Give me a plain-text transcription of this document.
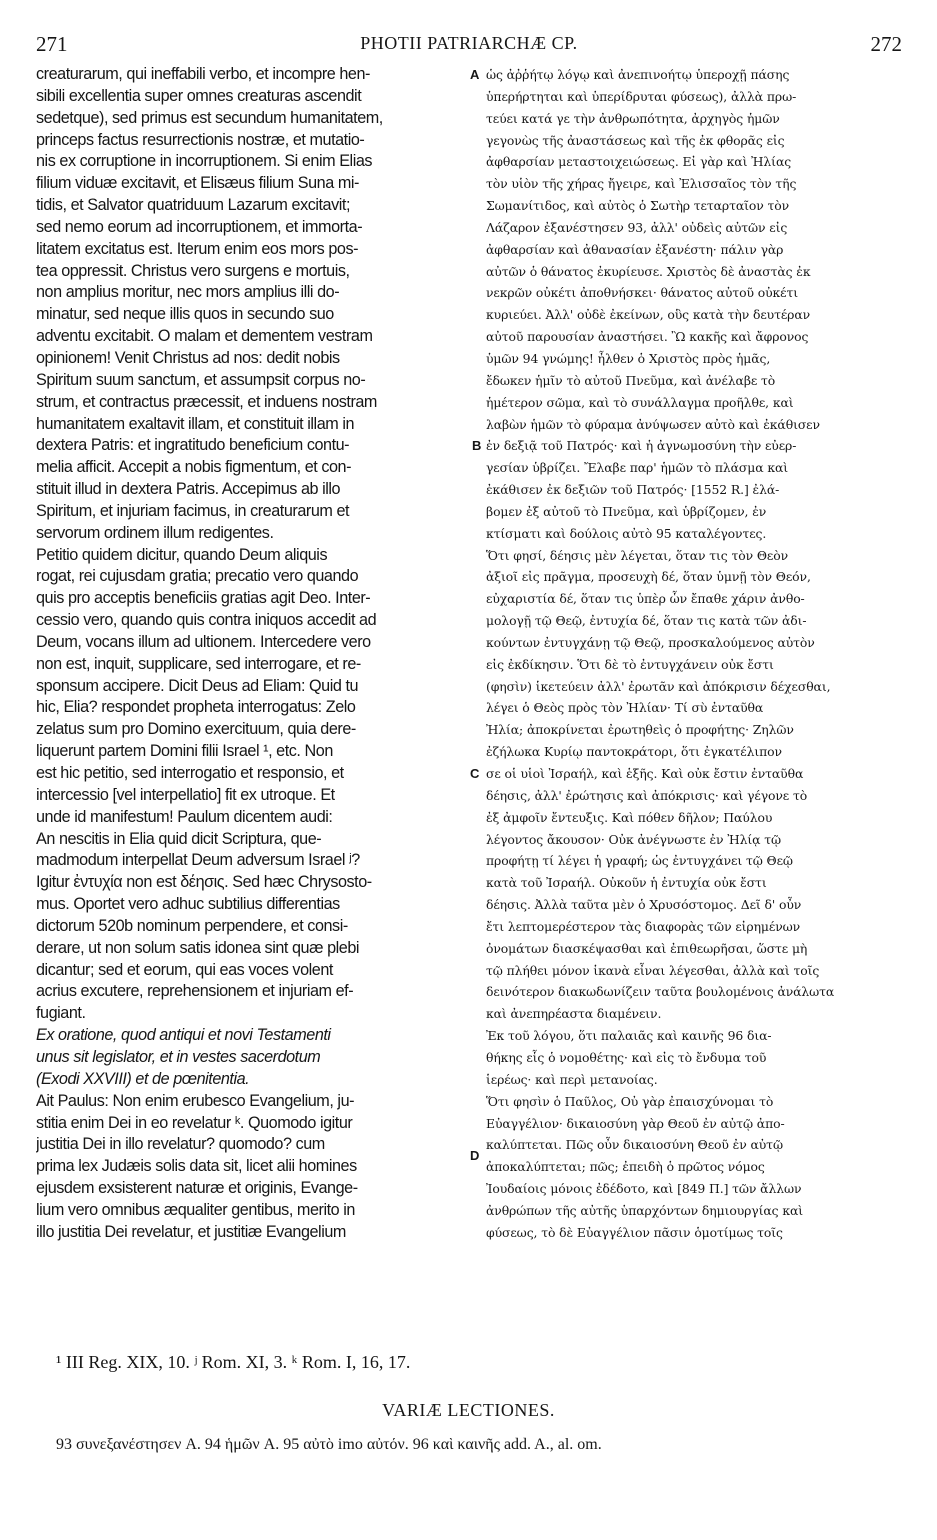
271	PHOTII PATRIARCHÆ CP.	272
creaturarum, qui ineffabili verbo, et incompre hen-
sibili excellentia super omnes creaturas ascendit
sedetque), sed primus est secundum humanitatem,
princeps factus resurrectionis nostræ, et mutatio-
nis ex corruptione in incorruptionem. Si enim Elias
filium viduæ excitavit, et Elisæus filium Suna mi-
tidis, et Salvator quatriduum Lazarum excitavit;
sed nemo eorum ad incorruptionem, et immorta-
litatem excitatus est. Iterum enim eos mors pos-
tea oppressit. Christus vero surgens e mortuis,
non amplius moritur, nec mors amplius illi do-
minatur, sed neque illis quos in secundo suo
adventu excitabit. O malam et dementem vestram
opinionem! Venit Christus ad nos: dedit nobis
Spiritum suum sanctum, et assumpsit corpus no-
strum, et contractus præcessit, et induens nostram
humanitatem exaltavit illam, et constituit illam in
dextera Patris: et ingratitudo beneficium contu-
melia afficit. Accepit a nobis figmentum, et con-
stituit illud in dextera Patris. Accepimus ab illo
Spiritum, et injuriam facimus, in creaturarum et
servorum ordinem illum redigentes.
Petitio quidem dicitur, quando Deum aliquis
rogat, rei cujusdam gratia; precatio vero quando
quis pro acceptis beneficiis gratias agit Deo. Inter-
cessio vero, quando quis contra iniquos accedit ad
Deum, vocans illum ad ultionem. Intercedere vero
non est, inquit, supplicare, sed interrogare, et re-
sponsum accipere. Dicit Deus ad Eliam: Quid tu
hic, Elia? respondet propheta interrogatus: Zelo
zelatus sum pro Domino exercituum, quia dere-
liquerunt partem Domini filii Israel ¹, etc. Non
est hic petitio, sed interrogatio et responsio, et
intercessio [vel interpellatio] fit ex utroque. Et
unde id manifestum! Paulum dicentem audi:
An nescitis in Elia quid dicit Scriptura, que-
madmodum interpellat Deum adversum Israel ʲ?
Igitur ἐντυχία non est δέησις. Sed hæc Chrysosto-
mus. Oportet vero adhuc subtilius differentias
dictorum 520b nominum perpendere, et consi-
derare, ut non solum satis idonea sint quæ plebi
dicantur; sed et eorum, qui eas voces volent
acrius excutere, reprehensionem et injuriam ef-
fugiant.
Ex oratione, quod antiqui et novi Testamenti
unus sit legislator, et in vestes sacerdotum
(Exodi XXVIII) et de pœnitentia.
Ait Paulus: Non enim erubesco Evangelium, ju-
stitia enim Dei in eo revelatur ᵏ. Quomodo igitur
justitia Dei in illo revelatur? quomodo? cum
prima lex Judæis solis data sit, licet alii homines
ejusdem exsisterent naturæ et originis, Evange-
lium vero omnibus æqualiter gentibus, merito in
illo justitia Dei revelatur, et justitiæ Evangelium
ὡς ἀῤῥήτῳ λόγῳ καὶ ἀνεπινοήτῳ ὑπεροχῇ πάσης
ὑπερήρτηται καὶ ὑπερίδρυται φύσεως), ἀλλὰ πρω-
τεύει κατά γε τὴν ἀνθρωπότητα, ἀρχηγὸς ἡμῶν
γεγονὼς τῆς ἀναστάσεως καὶ τῆς ἐκ φθορᾶς εἰς
ἀφθαρσίαν μεταστοιχειώσεως. Εἰ γὰρ καὶ Ἠλίας
τὸν υἱὸν τῆς χήρας ἤγειρε, καὶ Ἐλισσαῖος τὸν τῆς
Σωμανίτιδος, καὶ αὐτὸς ὁ Σωτὴρ τεταρταῖον τὸν
Λάζαρον ἐξανέστησεν 93, ἀλλ' οὐδεὶς αὐτῶν εἰς
ἀφθαρσίαν καὶ ἀθανασίαν ἐξανέστη· πάλιν γὰρ
αὐτῶν ὁ θάνατος ἐκυρίευσε. Χριστὸς δὲ ἀναστὰς ἐκ
νεκρῶν οὐκέτι ἀποθνήσκει· θάνατος αὐτοῦ οὐκέτι
κυριεύει. Ἀλλ' οὐδὲ ἐκείνων, οὓς κατὰ τὴν δευτέραν
αὐτοῦ παρουσίαν ἀναστήσει. Ὢ κακῆς καὶ ἄφρονος
ὑμῶν 94 γνώμης! ἦλθεν ὁ Χριστὸς πρὸς ἡμᾶς,
ἔδωκεν ἡμῖν τὸ αὐτοῦ Πνεῦμα, καὶ ἀνέλαβε τὸ
ἡμέτερον σῶμα, καὶ τὸ συνάλλαγμα προῆλθε, καὶ
λαβὼν ἡμῶν τὸ φύραμα ἀνύψωσεν αὐτὸ καὶ ἐκάθισεν
ἐν δεξιᾷ τοῦ Πατρός· καὶ ἡ ἀγνωμοσύνη τὴν εὐερ-
γεσίαν ὑβρίζει. Ἔλαβε παρ' ἡμῶν τὸ πλάσμα καὶ
ἐκάθισεν ἐκ δεξιῶν τοῦ Πατρός· [1552 R.] ἐλά-
βομεν ἐξ αὐτοῦ τὸ Πνεῦμα, καὶ ὑβρίζομεν, ἐν
κτίσματι καὶ δούλοις αὐτὸ 95 καταλέγοντες.
Ὅτι φησί, δέησις μὲν λέγεται, ὅταν τις τὸν Θεὸν
ἀξιοῖ εἰς πρᾶγμα, προσευχὴ δέ, ὅταν ὑμνῇ τὸν Θεόν,
εὐχαριστία δέ, ὅταν τις ὑπὲρ ὧν ἔπαθε χάριν ἀνθο-
μολογῇ τῷ Θεῷ, ἐντυχία δέ, ὅταν τις κατὰ τῶν ἀδι-
κούντων ἐντυγχάνῃ τῷ Θεῷ, προσκαλούμενος αὐτὸν
εἰς ἐκδίκησιν. Ὅτι δὲ τὸ ἐντυγχάνειν οὐκ ἔστι
(φησὶν) ἱκετεύειν ἀλλ' ἐρωτᾶν καὶ ἀπόκρισιν δέχεσθαι,
λέγει ὁ Θεὸς πρὸς τὸν Ἠλίαν· Τί σὺ ἐνταῦθα
Ἠλία; ἀποκρίνεται ἐρωτηθεὶς ὁ προφήτης· Ζηλῶν
ἐζήλωκα Κυρίῳ παντοκράτορι, ὅτι ἐγκατέλιπον
σε οἱ υἱοὶ Ἰσραήλ, καὶ ἑξῆς. Καὶ οὐκ ἔστιν ἐνταῦθα
δέησις, ἀλλ' ἐρώτησις καὶ ἀπόκρισις· καὶ γέγονε τὸ
ἐξ ἀμφοῖν ἔντευξις. Καὶ πόθεν δῆλον; Παύλου
λέγοντος ἄκουσον· Οὐκ ἀνέγνωστε ἐν Ἠλίᾳ τῷ
προφήτῃ τί λέγει ἡ γραφή; ὡς ἐντυγχάνει τῷ Θεῷ
κατὰ τοῦ Ἰσραήλ. Οὐκοῦν ἡ ἐντυχία οὐκ ἔστι
δέησις. Ἀλλὰ ταῦτα μὲν ὁ Χρυσόστομος. Δεῖ δ' οὖν
ἔτι λεπτομερέστερον τὰς διαφορὰς τῶν εἰρημένων
ὀνομάτων διασκέψασθαι καὶ ἐπιθεωρῆσαι, ὥστε μὴ
τῷ πλήθει μόνον ἱκανὰ εἶναι λέγεσθαι, ἀλλὰ καὶ τοῖς
δεινότερον διακωδωνίζειν ταῦτα βουλομένοις ἀνάλωτα
καὶ ἀνεπηρέαστα διαμένειν.
Ἐκ τοῦ λόγου, ὅτι παλαιᾶς καὶ καινῆς 96 δια-
θήκης εἷς ὁ νομοθέτης· καὶ εἰς τὸ ἔνδυμα τοῦ
ἱερέως· καὶ περὶ μετανοίας.
Ὅτι φησὶν ὁ Παῦλος, Οὐ γὰρ ἐπαισχύνομαι τὸ
Εὐαγγέλιον· δικαιοσύνη γὰρ Θεοῦ ἐν αὐτῷ ἀπο-
καλύπτεται. Πῶς οὖν δικαιοσύνη Θεοῦ ἐν αὐτῷ
ἀποκαλύπτεται; πῶς; ἐπειδὴ ὁ πρῶτος νόμος
Ἰουδαίοις μόνοις ἐδέδοτο, καὶ [849 Π.] τῶν ἄλλων
ἀνθρώπων τῆς αὐτῆς ὑπαρχόντων δημιουργίας καὶ
φύσεως, τὸ δὲ Εὐαγγέλιον πᾶσιν ὁμοτίμως τοῖς
A
B
C
D
¹ III Reg. XIX, 10. ʲ Rom. XI, 3. ᵏ Rom. I, 16, 17.
VARIÆ LECTIONES.
93 συνεξανέστησεν A. 94 ἡμῶν A. 95 αὐτὸ imo αὐτόν. 96 καὶ καινῆς add. A., al. om.
